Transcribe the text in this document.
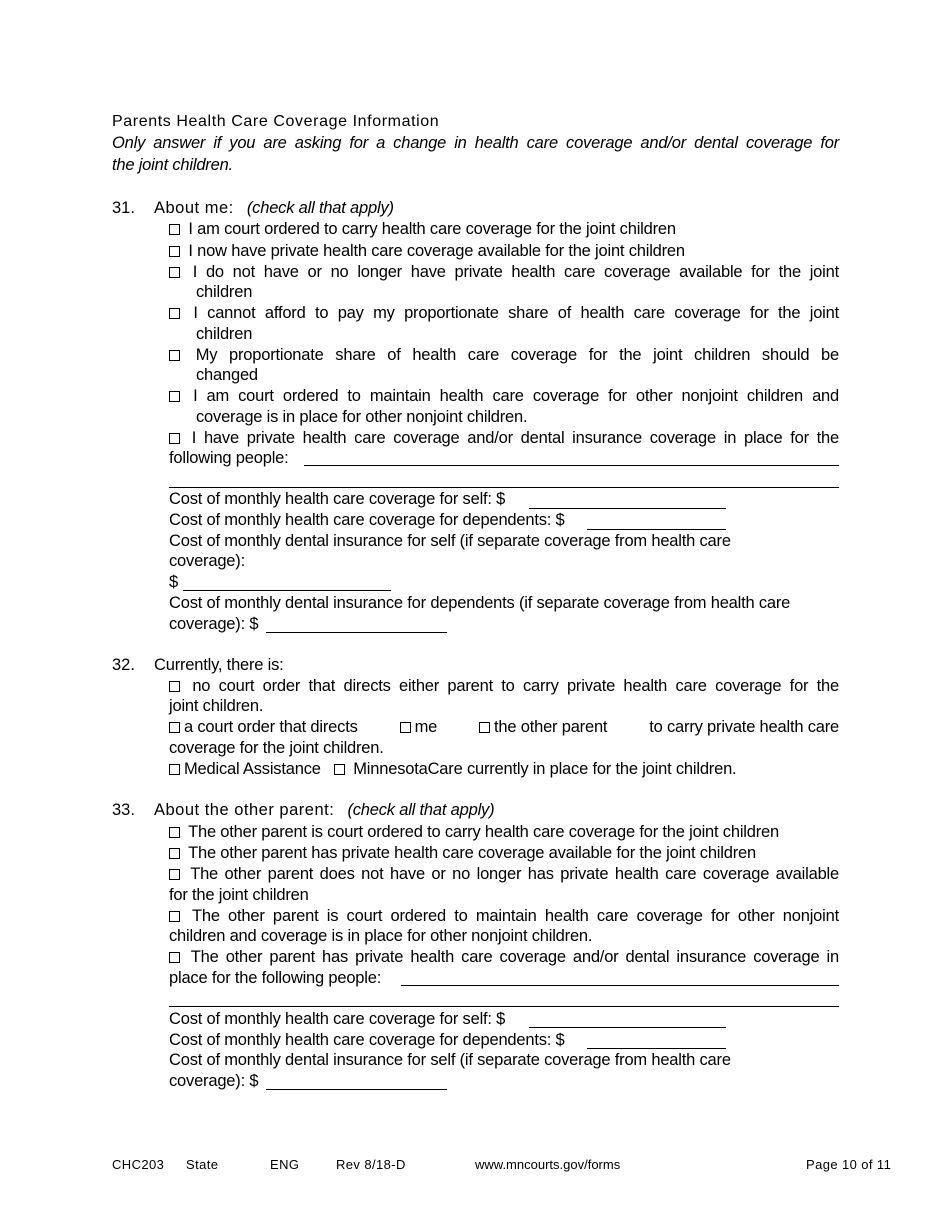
Parents Health Care Coverage Information
Only answer if you are asking for a change in health care coverage and/or dental coverage for
the joint children.
31. About me: (check all that apply)
I am court ordered to carry health care coverage for the joint children
I now have private health care coverage available for the joint children
I do not have or no longer have private health care coverage available for the joint
children
I cannot afford to pay my proportionate share of health care coverage for the joint
children
My proportionate share of health care coverage for the joint children should be
changed
I am court ordered to maintain health care coverage for other nonjoint children and
coverage is in place for other nonjoint children.
I have private health care coverage and/or dental insurance coverage in place for the
following people:
Cost of monthly health care coverage for self: $
Cost of monthly health care coverage for dependents: $
Cost of monthly dental insurance for self (if separate coverage from health care
coverage):
$
Cost of monthly dental insurance for dependents (if separate coverage from health care
coverage): $
32. Currently, there is:
no court order that directs either parent to carry private health care coverage for the
joint children.
a court order that directs	me	the other parent	to carry private health care
coverage for the joint children.
Medical Assistance MinnesotaCare currently in place for the joint children.
33. About the other parent: (check all that apply)
The other parent is court ordered to carry health care coverage for the joint children
The other parent has private health care coverage available for the joint children
The other parent does not have or no longer has private health care coverage available
for the joint children
The other parent is court ordered to maintain health care coverage for other nonjoint
children and coverage is in place for other nonjoint children.
The other parent has private health care coverage and/or dental insurance coverage in
place for the following people:
Cost of monthly health care coverage for self: $
Cost of monthly health care coverage for dependents: $
Cost of monthly dental insurance for self (if separate coverage from health care
coverage): $
CHC203 State	ENG	Rev 8/18-D	www.mncourts.gov/forms	Page 10 of 11
